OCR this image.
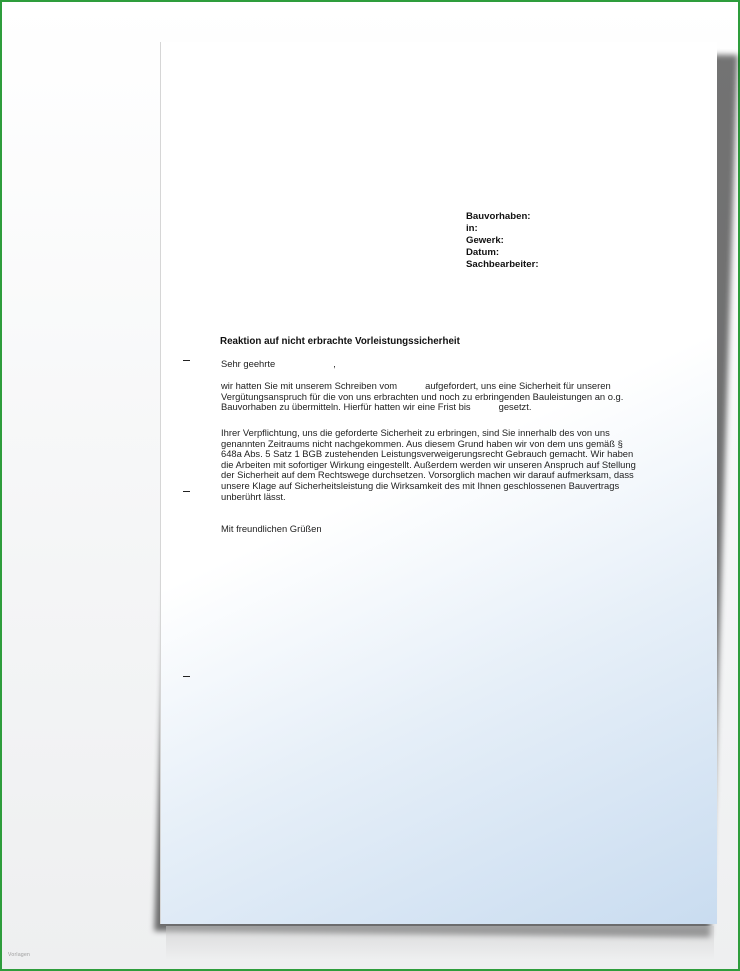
Bauvorhaben:
in:
Gewerk:
Datum:
Sachbearbeiter:
Reaktion auf nicht erbrachte Vorleistungssicherheit
Sehr geehrte	,
wir hatten Sie mit unserem Schreiben vom	aufgefordert, uns eine Sicherheit für unseren
Vergütungsanspruch für die von uns erbrachten und noch zu erbringenden Bauleistungen an o.g.
Bauvorhaben zu übermitteln. Hierfür hatten wir eine Frist bis	gesetzt.
Ihrer Verpflichtung, uns die geforderte Sicherheit zu erbringen, sind Sie innerhalb des von uns
genannten Zeitraums nicht nachgekommen. Aus diesem Grund haben wir von dem uns gemäß §
648a Abs. 5 Satz 1 BGB zustehenden Leistungsverweigerungsrecht Gebrauch gemacht. Wir haben
die Arbeiten mit sofortiger Wirkung eingestellt. Außerdem werden wir unseren Anspruch auf Stellung
der Sicherheit auf dem Rechtswege durchsetzen. Vorsorglich machen wir darauf aufmerksam, dass
unsere Klage auf Sicherheitsleistung die Wirksamkeit des mit Ihnen geschlossenen Bauvertrags
unberührt lässt.
Mit freundlichen Grüßen
Vorlagen
